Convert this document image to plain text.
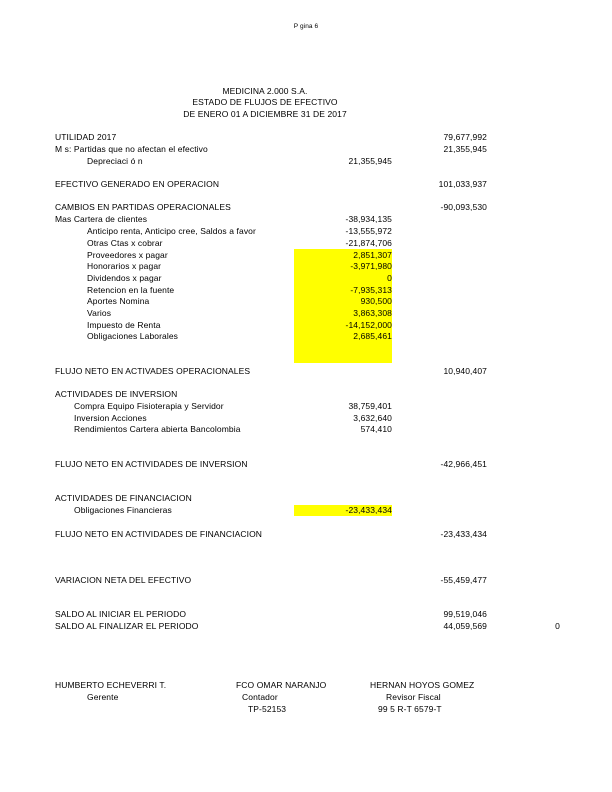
P gina 6
MEDICINA 2.000 S.A.
ESTADO DE FLUJOS DE EFECTIVO
DE ENERO 01 A DICIEMBRE 31 DE 2017
UTILIDAD 2017	79,677,992
M s: Partidas que no afectan el efectivo	21,355,945
Depreciaci ó n	21,355,945
EFECTIVO GENERADO EN OPERACION	101,033,937
CAMBIOS EN PARTIDAS OPERACIONALES	-90,093,530
Mas Cartera de clientes	-38,934,135
Anticipo renta, Anticipo cree, Saldos a favor	-13,555,972
Otras Ctas x cobrar	-21,874,706
Proveedores x pagar	2,851,307
Honorarios x pagar	-3,971,980
Dividendos x pagar	0
Retencion en la fuente	-7,935,313
Aportes Nomina	930,500
Varios	3,863,308
Impuesto de Renta	-14,152,000
Obligaciones Laborales	2,685,461
FLUJO NETO EN ACTIVADES OPERACIONALES	10,940,407
ACTIVIDADES DE INVERSION
Compra Equipo Fisioterapia y Servidor	38,759,401
Inversion Acciones	3,632,640
Rendimientos Cartera abierta Bancolombia	574,410
FLUJO NETO EN ACTIVIDADES DE INVERSION	-42,966,451
ACTIVIDADES DE FINANCIACION
Obligaciones Financieras	-23,433,434
FLUJO NETO EN ACTIVIDADES DE FINANCIACION	-23,433,434
VARIACION NETA DEL EFECTIVO	-55,459,477
SALDO AL INICIAR EL PERIODO	99,519,046
SALDO AL FINALIZAR EL PERIODO	44,059,569	0
HUMBERTO ECHEVERRI T.
Gerente
FCO OMAR NARANJO
Contador
TP-52153
HERNAN HOYOS GOMEZ
Revisor Fiscal
99 5 R-T 6579-T
